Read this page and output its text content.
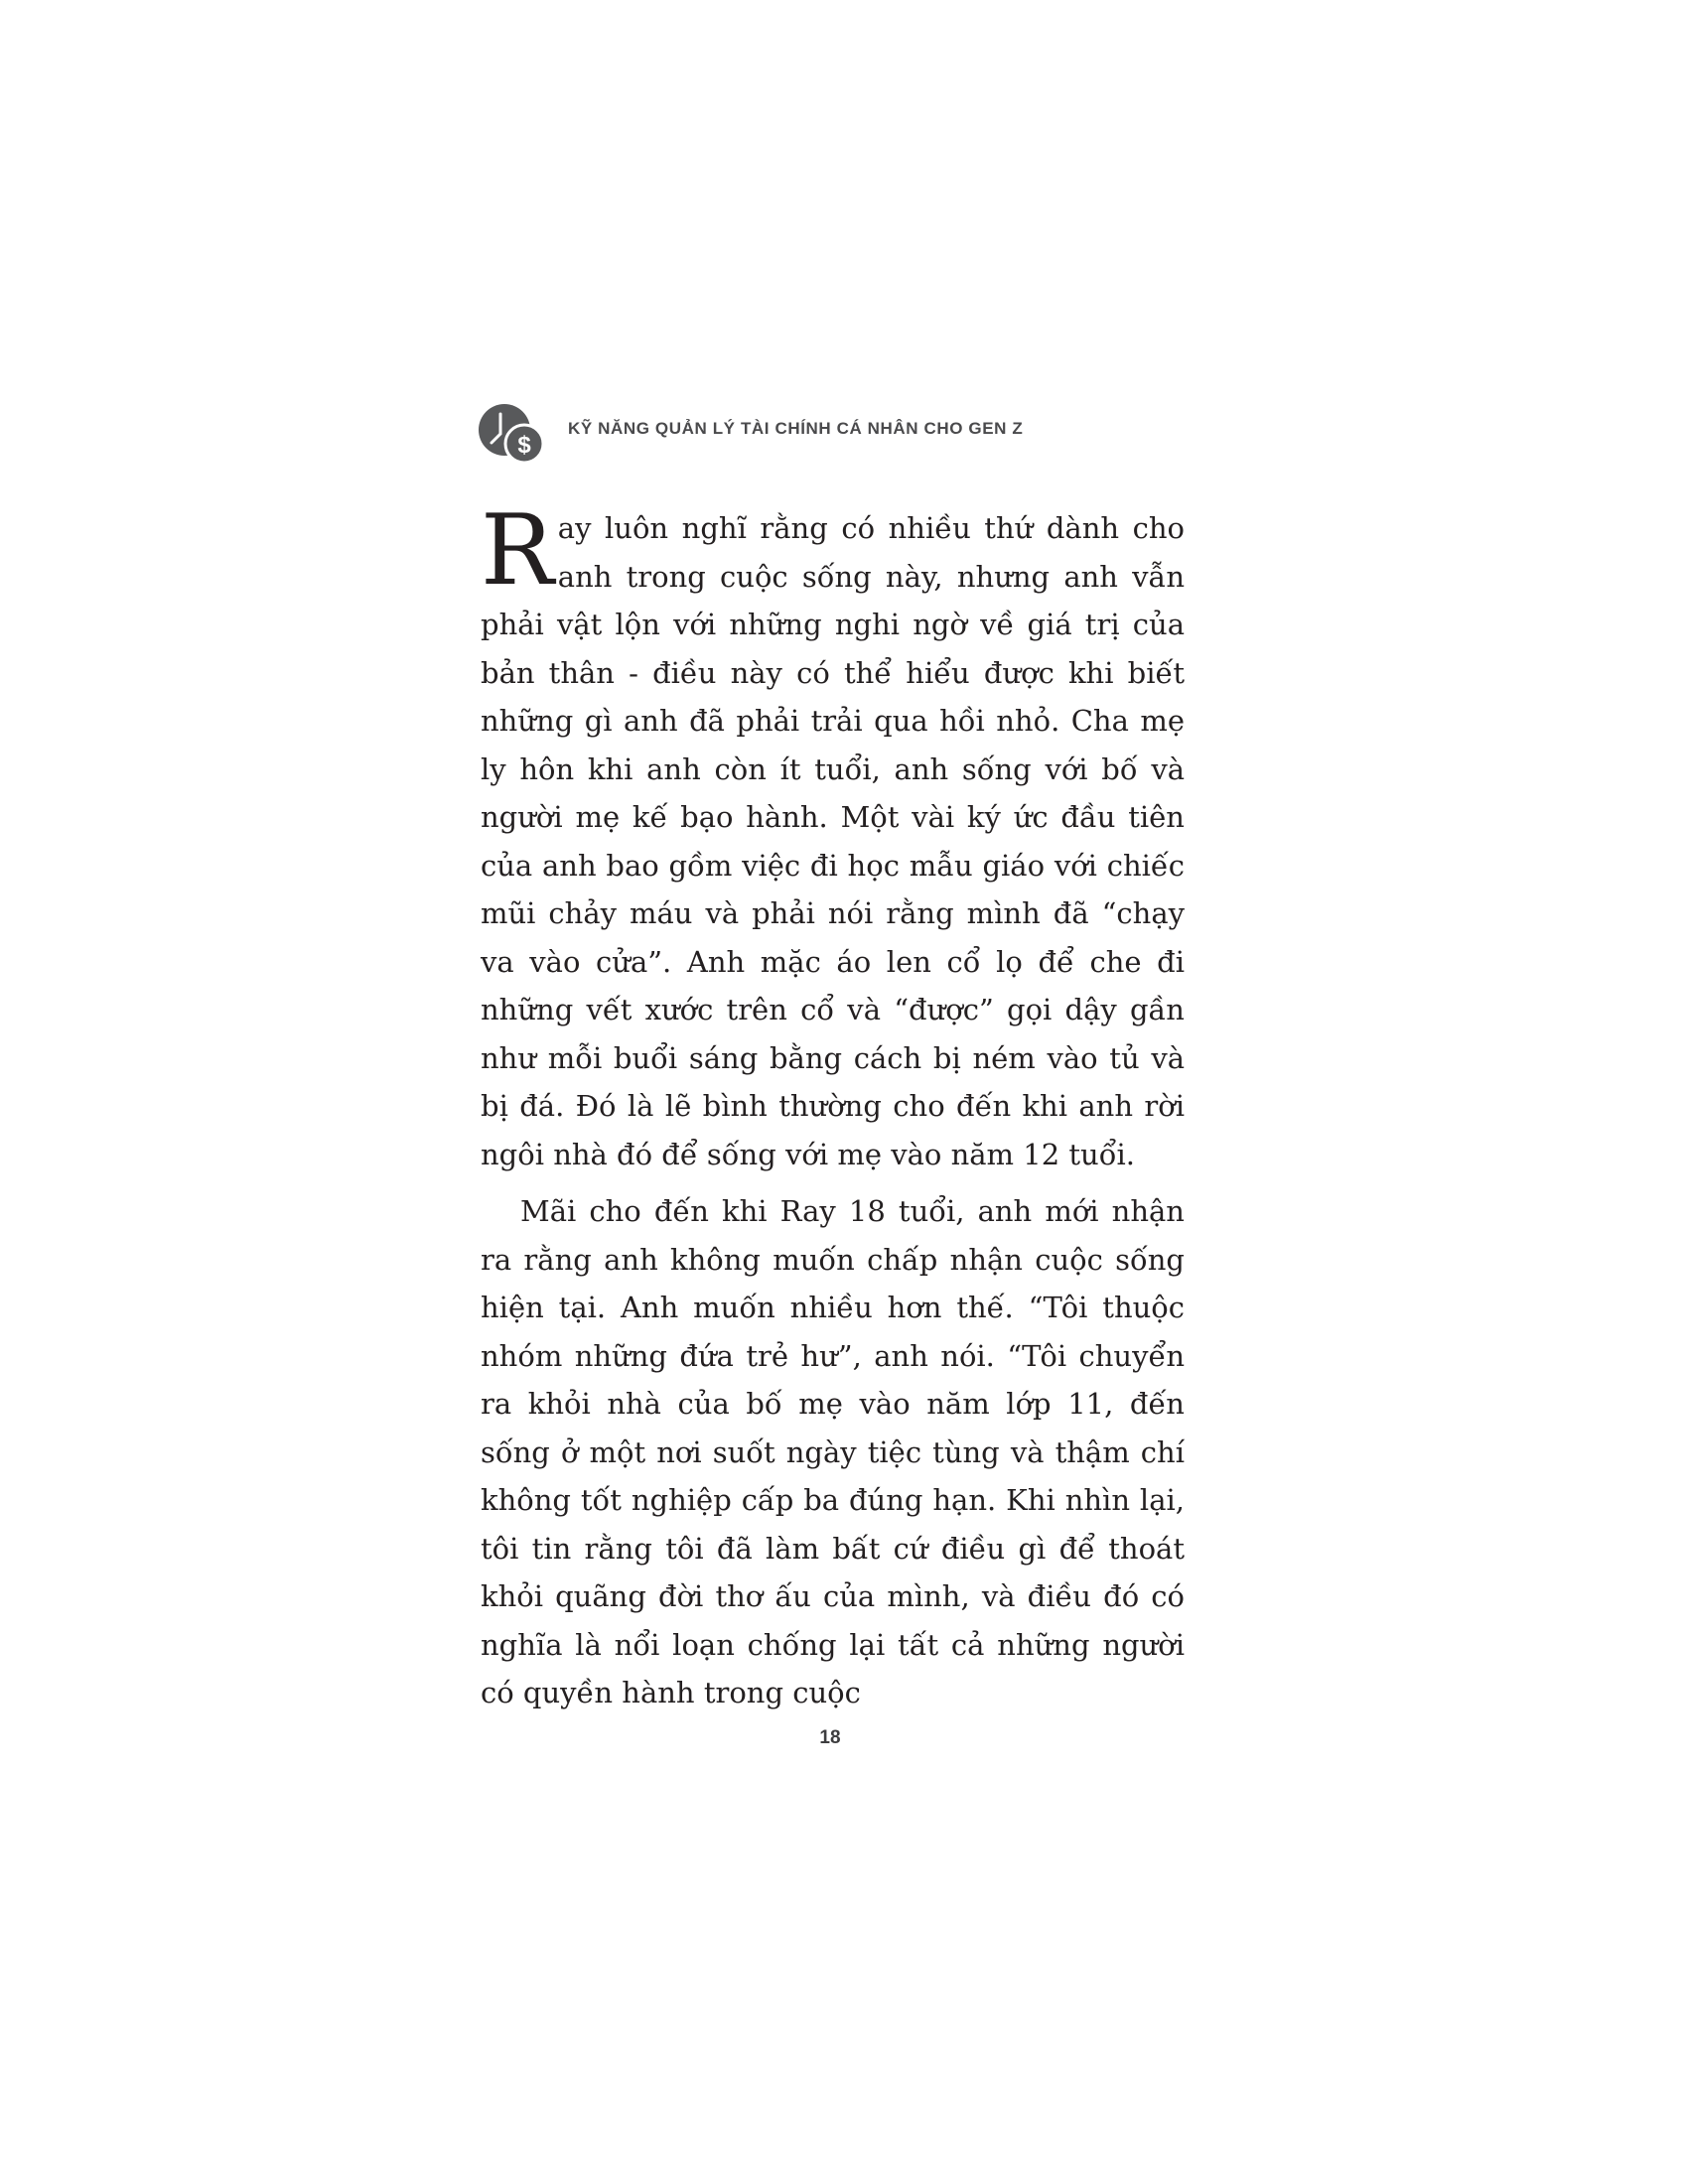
$
KỸ NĂNG QUẢN LÝ TÀI CHÍNH CÁ NHÂN CHO GEN Z

Ray luôn nghĩ rằng có nhiều thứ dành cho anh trong cuộc sống này, nhưng anh vẫn phải vật lộn với những nghi ngờ về giá trị của bản thân - điều này có thể hiểu được khi biết những gì anh đã phải trải qua hồi nhỏ. Cha mẹ ly hôn khi anh còn ít tuổi, anh sống với bố và người mẹ kế bạo hành. Một vài ký ức đầu tiên của anh bao gồm việc đi học mẫu giáo với chiếc mũi chảy máu và phải nói rằng mình đã “chạy va vào cửa”. Anh mặc áo len cổ lọ để che đi những vết xước trên cổ và “được” gọi dậy gần như mỗi buổi sáng bằng cách bị ném vào tủ và bị đá. Đó là lẽ bình thường cho đến khi anh rời ngôi nhà đó để sống với mẹ vào năm 12 tuổi.

Mãi cho đến khi Ray 18 tuổi, anh mới nhận ra rằng anh không muốn chấp nhận cuộc sống hiện tại. Anh muốn nhiều hơn thế. “Tôi thuộc nhóm những đứa trẻ hư”, anh nói. “Tôi chuyển ra khỏi nhà của bố mẹ vào năm lớp 11, đến sống ở một nơi suốt ngày tiệc tùng và thậm chí không tốt nghiệp cấp ba đúng hạn. Khi nhìn lại, tôi tin rằng tôi đã làm bất cứ điều gì để thoát khỏi quãng đời thơ ấu của mình, và điều đó có nghĩa là nổi loạn chống lại tất cả những người có quyền hành trong cuộc

18
